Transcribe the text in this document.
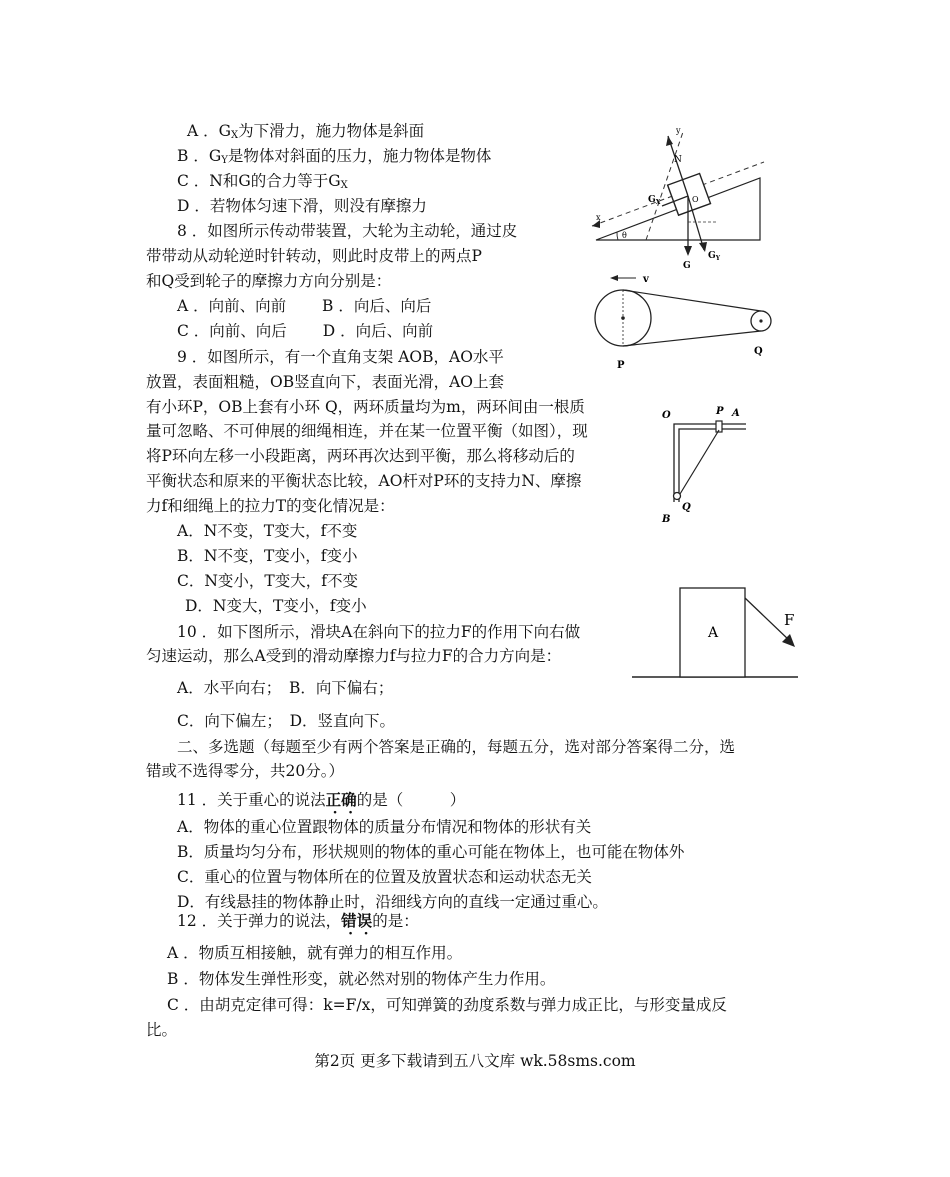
A ．$G_X$为下滑力，施力物体是斜面
B ．$G_Y$是物体对斜面的压力，施力物体是物体
C ．N和G的合力等于$G_X$
D ．若物体匀速下滑，则没有摩擦力
8 ．如图所示传动带装置，大轮为主动轮，通过皮
带带动从动轮逆时针转动，则此时皮带上的两点P
和Q受到轮子的摩擦力方向分别是：
A ．向前、向前　　 B ．向后、向后
C ．向前、向后　　 D ．向后、向前
9 ．如图所示，有一个直角支架 AOB，AO水平
放置，表面粗糙，OB竖直向下，表面光滑，AO上套
有小环P，OB上套有小环 Q，两环质量均为m，两环间由一根质
量可忽略、不可伸展的细绳相连，并在某一位置平衡（如图），现
将P环向左移一小段距离，两环再次达到平衡，那么将移动后的
平衡状态和原来的平衡状态比较，AO杆对P环的支持力N、摩擦
力f和细绳上的拉力T的变化情况是：
A．N不变，T变大，f不变
B．N不变，T变小，f变小
C．N变小，T变大，f不变
D．N变大，T变小，f变小
10 ．如下图所示，滑块A在斜向下的拉力F的作用下向右做
匀速运动，那么A受到的滑动摩擦力f与拉力F的合力方向是：
A．水平向右；　B．向下偏右；
C．向下偏左；　D．竖直向下。
二、多选题（每题至少有两个答案是正确的，每题五分，选对部分答案得二分，选
错或不选得零分，共20分。）
11 ．关于重心的说法正确的是（　　　）
A．物体的重心位置跟物体的质量分布情况和物体的形状有关
B．质量均匀分布，形状规则的物体的重心可能在物体上，也可能在物体外
C．重心的位置与物体所在的位置及放置状态和运动状态无关
D．有线悬挂的物体静止时，沿细线方向的直线一定通过重心。
12 ．关于弹力的说法，错误的是：
A ．物质互相接触，就有弹力的相互作用。
B ．物体发生弹性形变，就必然对别的物体产生力作用。
C ．由胡克定律可得：k=F/x，可知弹簧的劲度系数与弹力成正比，与形变量成反
比。
x
y
N
G
$G_X$
$G_Y$
O
θ
v
P
Q
O	P A
Q
B
A
F
第2页 更多下载请到五八文库 wk.58sms.com
